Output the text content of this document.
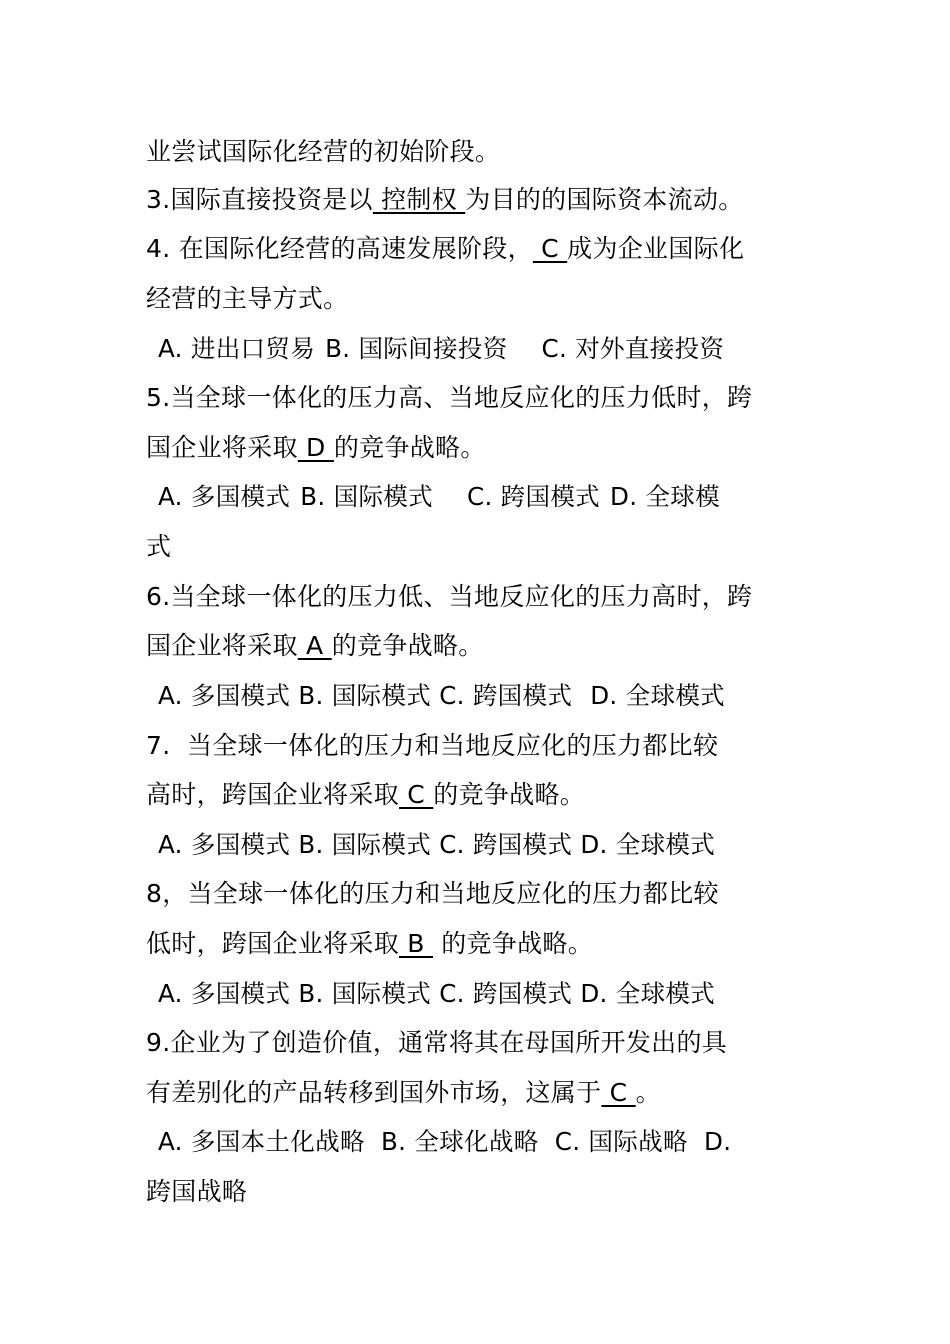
业尝试国际化经营的初始阶段。
3.国际直接投资是以 控制权 为目的的国际资本流动。
4. 在国际化经营的高速发展阶段， C 成为企业国际化
经营的主导方式。
A. 进出口贸易 B. 国际间接投资 C. 对外直接投资
5.当全球一体化的压力高、当地反应化的压力低时，跨
国企业将采取 D 的竞争战略。
A. 多国模式 B. 国际模式 C. 跨国模式 D. 全球模
式
6.当全球一体化的压力低、当地反应化的压力高时，跨
国企业将采取 A 的竞争战略。
A. 多国模式 B. 国际模式 C. 跨国模式 D. 全球模式
7.  当全球一体化的压力和当地反应化的压力都比较
高时，跨国企业将采取 C 的竞争战略。
A. 多国模式 B. 国际模式 C. 跨国模式 D. 全球模式
8，当全球一体化的压力和当地反应化的压力都比较
低时，跨国企业将采取 B  的竞争战略。
A. 多国模式 B. 国际模式 C. 跨国模式 D. 全球模式
9.企业为了创造价值，通常将其在母国所开发出的具
有差别化的产品转移到国外市场，这属于 C 。
A. 多国本土化战略  B. 全球化战略  C. 国际战略  D.
跨国战略
